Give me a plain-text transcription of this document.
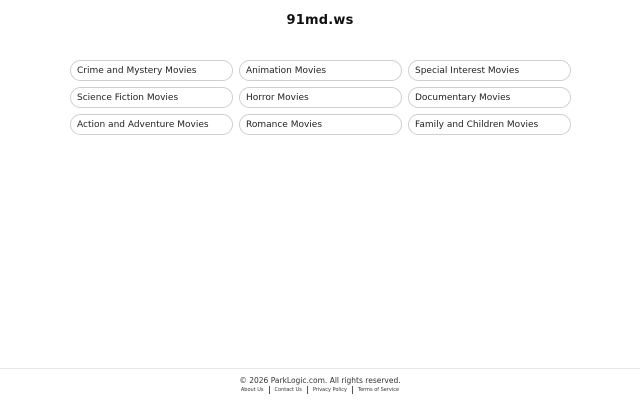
91md.ws
Crime and Mystery Movies	Animation Movies	Special Interest Movies
Science Fiction Movies	Horror Movies	Documentary Movies
Action and Adventure Movies	Romance Movies	Family and Children Movies
© 2026 ParkLogic.com. All rights reserved.
About Us	Contact Us	Privacy Policy	Terms of Service
